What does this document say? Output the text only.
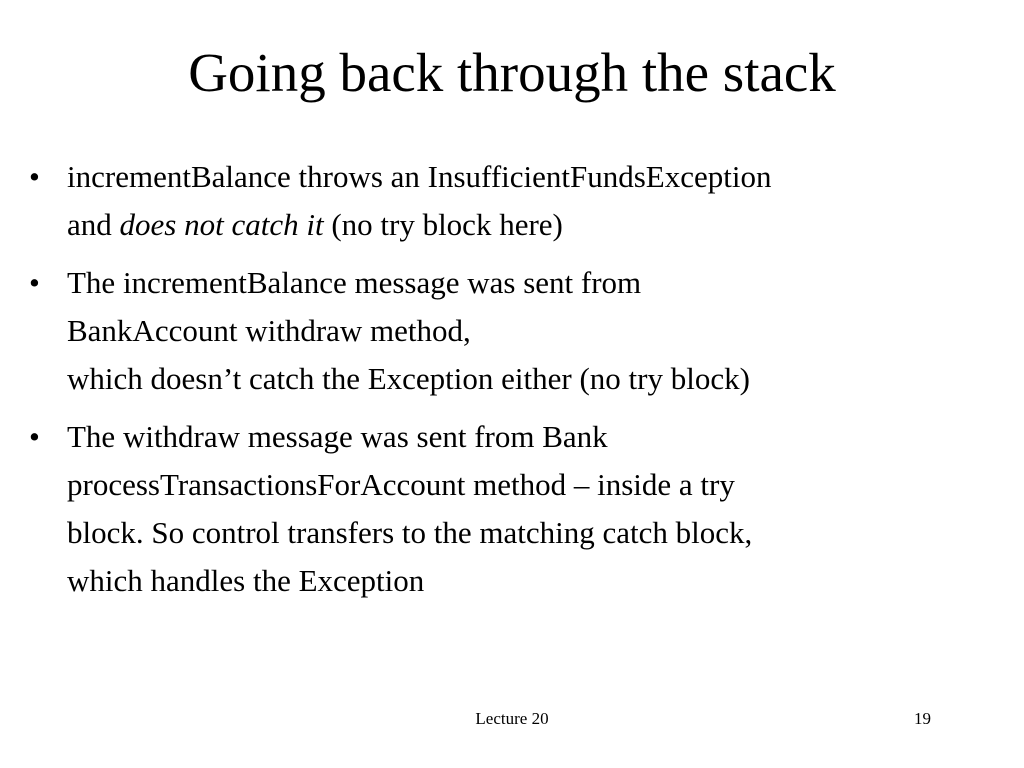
Going back through the stack
• incrementBalance throws an InsufficientFundsException
and does not catch it (no try block here)
• The incrementBalance message was sent from
BankAccount withdraw method,
which doesn’t catch the Exception either (no try block)
• The withdraw message was sent from Bank
processTransactionsForAccount method – inside a try
block. So control transfers to the matching catch block,
which handles the Exception
Lecture 20	19
